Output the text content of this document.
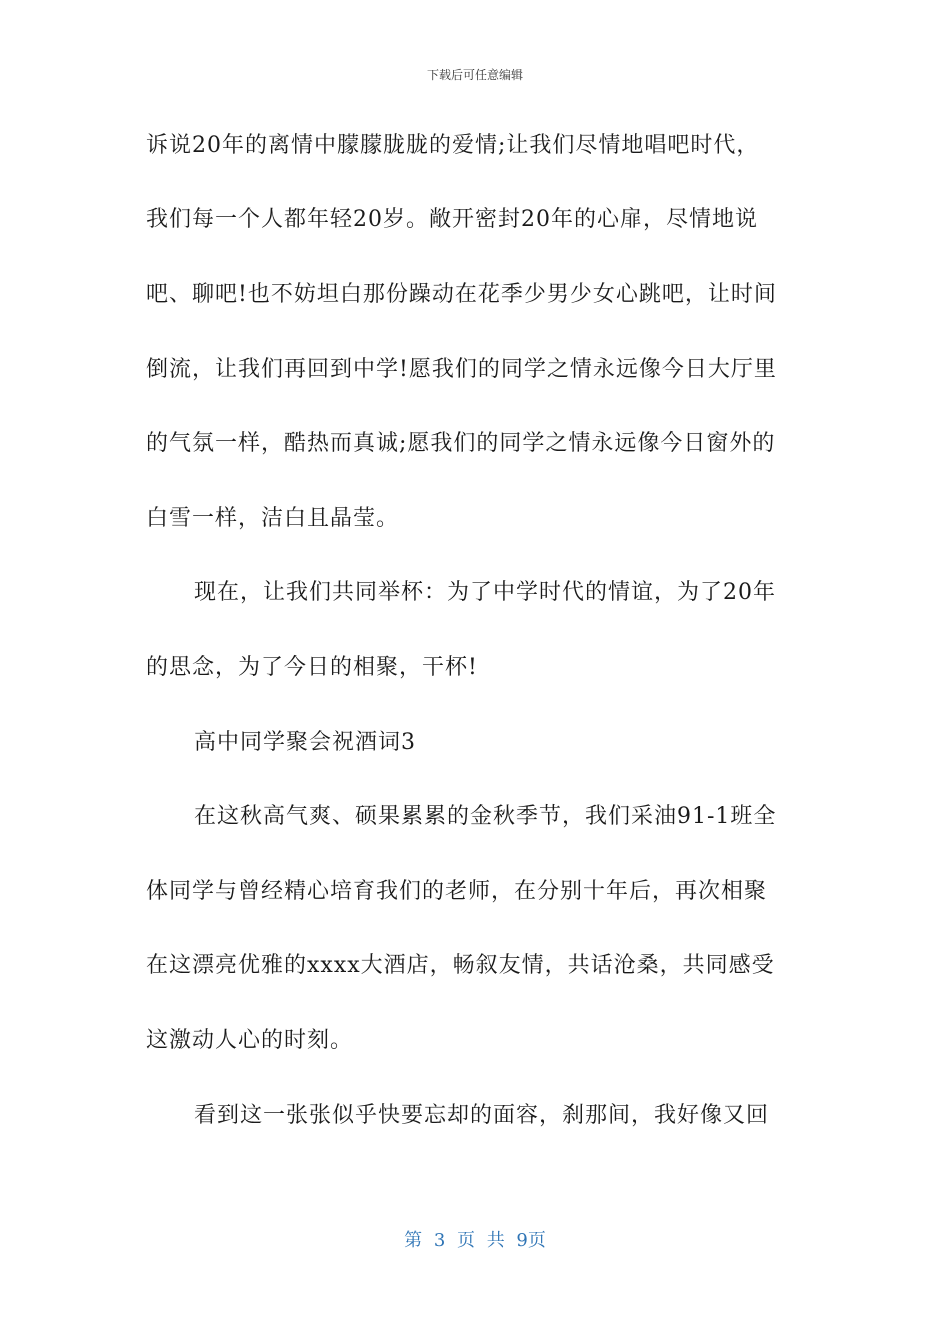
下载后可任意编辑
诉说20年的离情中朦朦胧胧的爱情;让我们尽情地唱吧时代，
我们每一个人都年轻20岁。敞开密封20年的心扉，尽情地说
吧、聊吧!也不妨坦白那份躁动在花季少男少女心跳吧，让时间
倒流，让我们再回到中学!愿我们的同学之情永远像今日大厅里
的气氛一样，酷热而真诚;愿我们的同学之情永远像今日窗外的
白雪一样，洁白且晶莹。
现在，让我们共同举杯：为了中学时代的情谊，为了20年
的思念，为了今日的相聚，干杯!
高中同学聚会祝酒词3
在这秋高气爽、硕果累累的金秋季节，我们采油91-1班全
体同学与曾经精心培育我们的老师，在分别十年后，再次相聚
在这漂亮优雅的xxxx大酒店，畅叙友情，共话沧桑，共同感受
这激动人心的时刻。
看到这一张张似乎快要忘却的面容，刹那间，我好像又回
第 3 页 共 9页
